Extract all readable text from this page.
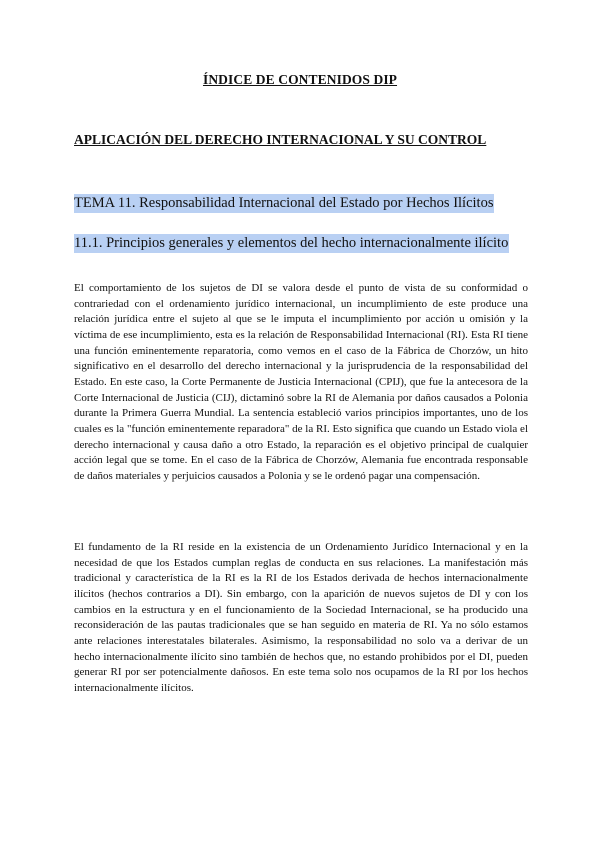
ÍNDICE DE CONTENIDOS DIP
APLICACIÓN DEL DERECHO INTERNACIONAL Y SU CONTROL
TEMA 11. Responsabilidad Internacional del Estado por Hechos Ilícitos
11.1. Principios generales y elementos del hecho internacionalmente ilícito

El comportamiento de los sujetos de DI se valora desde el punto de vista de su conformidad o contrariedad con el ordenamiento jurídico internacional, un incumplimiento de este produce una relación jurídica entre el sujeto al que se le imputa el incumplimiento por acción u omisión y la víctima de ese incumplimiento, esta es la relación de Responsabilidad Internacional (RI). Esta RI tiene una función eminentemente reparatoria, como vemos en el caso de la Fábrica de Chorzów, un hito significativo en el desarrollo del derecho internacional y la jurisprudencia de la responsabilidad del Estado. En este caso, la Corte Permanente de Justicia Internacional (CPIJ), que fue la antecesora de la Corte Internacional de Justicia (CIJ), dictaminó sobre la RI de Alemania por daños causados a Polonia durante la Primera Guerra Mundial. La sentencia estableció varios principios importantes, uno de los cuales es la "función eminentemente reparadora" de la RI. Esto significa que cuando un Estado viola el derecho internacional y causa daño a otro Estado, la reparación es el objetivo principal de cualquier acción legal que se tome. En el caso de la Fábrica de Chorzów, Alemania fue encontrada responsable de daños materiales y perjuicios causados a Polonia y se le ordenó pagar una compensación.

El fundamento de la RI reside en la existencia de un Ordenamiento Jurídico Internacional y en la necesidad de que los Estados cumplan reglas de conducta en sus relaciones. La manifestación más tradicional y característica de la RI es la RI de los Estados derivada de hechos internacionalmente ilícitos (hechos contrarios a DI). Sin embargo, con la aparición de nuevos sujetos de DI y con los cambios en la estructura y en el funcionamiento de la Sociedad Internacional, se ha producido una reconsideración de las pautas tradicionales que se han seguido en materia de RI. Ya no sólo estamos ante relaciones interestatales bilaterales. Asimismo, la responsabilidad no solo va a derivar de un hecho internacionalmente ilícito sino también de hechos que, no estando prohibidos por el DI, pueden generar RI por ser potencialmente dañosos. En este tema solo nos ocupamos de la RI por los hechos internacionalmente ilícitos.
